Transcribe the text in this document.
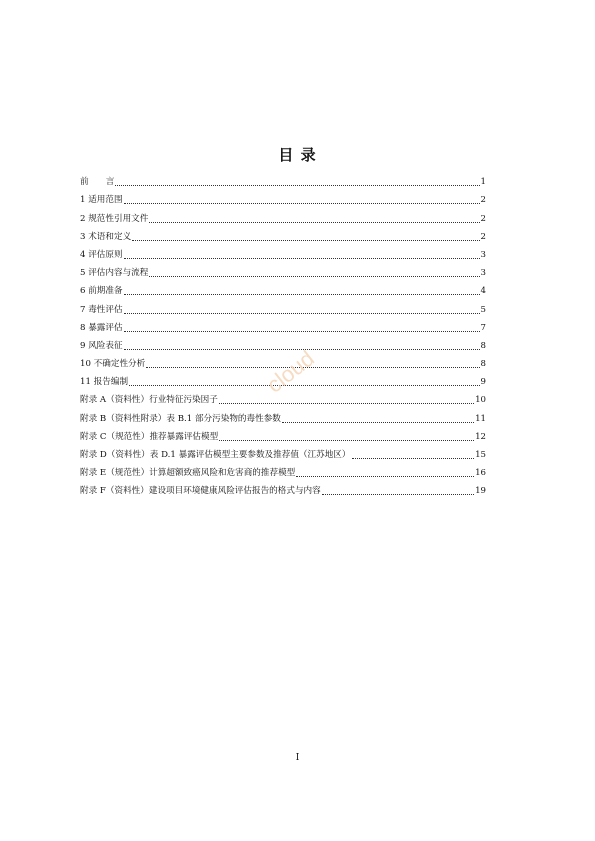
目 录
前　　言	1
1 适用范围	2
2 规范性引用文件	2
3 术语和定义	2
4 评估原则	3
5 评估内容与流程	3
6 前期准备	4
7 毒性评估	5
8 暴露评估	7
9 风险表征	8
10 不确定性分析	8
11 报告编制	9
附录 A（资料性）行业特征污染因子	10
附录 B（资料性附录）表 B.1 部分污染物的毒性参数	11
附录 C（规范性）推荐暴露评估模型	12
附录 D（资料性）表 D.1 暴露评估模型主要参数及推荐值（江苏地区）	15
附录 E（规范性）计算超额致癌风险和危害商的推荐模型	16
附录 F（资料性）建设项目环境健康风险评估报告的格式与内容	19
cloud
I
